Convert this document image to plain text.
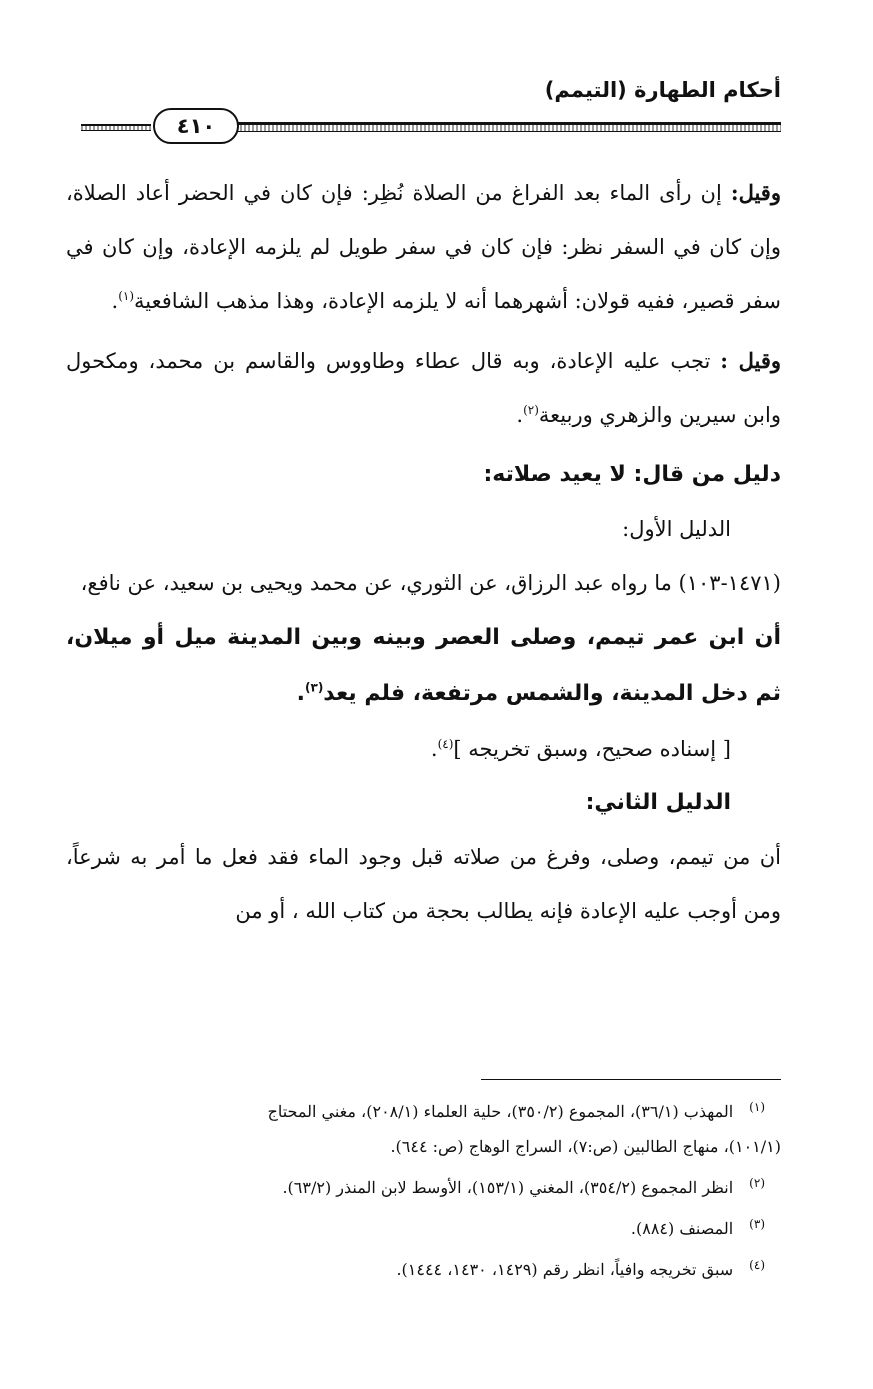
أحكام الطهارة (التيمم)
٤١٠

وقيل: إن رأى الماء بعد الفراغ من الصلاة نُظِر: فإن كان في الحضر أعاد الصلاة، وإن كان في السفر نظر: فإن كان في سفر طويل لم يلزمه الإعادة، وإن كان في سفر قصير، ففيه قولان: أشهرهما أنه لا يلزمه الإعادة، وهذا مذهب الشافعية$^{(١)}$.

وقيل : تجب عليه الإعادة، وبه قال عطاء وطاووس والقاسم بن محمد، ومكحول وابن سيرين والزهري وربيعة$^{(٢)}$.

دليل من قال: لا يعيد صلاته:

الدليل الأول:

(١٤٧١-١٠٣) ما رواه عبد الرزاق، عن الثوري، عن محمد ويحيى بن سعيد، عن نافع،

أن ابن عمر تيمم، وصلى العصر وبينه وبين المدينة ميل أو ميلان، ثم دخل المدينة، والشمس مرتفعة، فلم يعد$^{(٣)}$.

[ إسناده صحيح، وسبق تخريجه ]$^{(٤)}$.

الدليل الثاني:

أن من تيمم، وصلى، وفرغ من صلاته قبل وجود الماء فقد فعل ما أمر به شرعاً، ومن أوجب عليه الإعادة فإنه يطالب بحجة من كتاب الله ، أو من

$^{(١)}$المهذب (٣٦/١)، المجموع (٣٥٠/٢)، حلية العلماء (٢٠٨/١)، مغني المحتاج
(١٠١/١)، منهاج الطالبين (ص:٧)، السراج الوهاج (ص: ٦٤٤).
$^{(٢)}$انظر المجموع (٣٥٤/٢)، المغني (١٥٣/١)، الأوسط لابن المنذر (٦٣/٢).
$^{(٣)}$المصنف (٨٨٤).
$^{(٤)}$سبق تخريجه وافياً، انظر رقم (١٤٢٩، ١٤٣٠، ١٤٤٤).
